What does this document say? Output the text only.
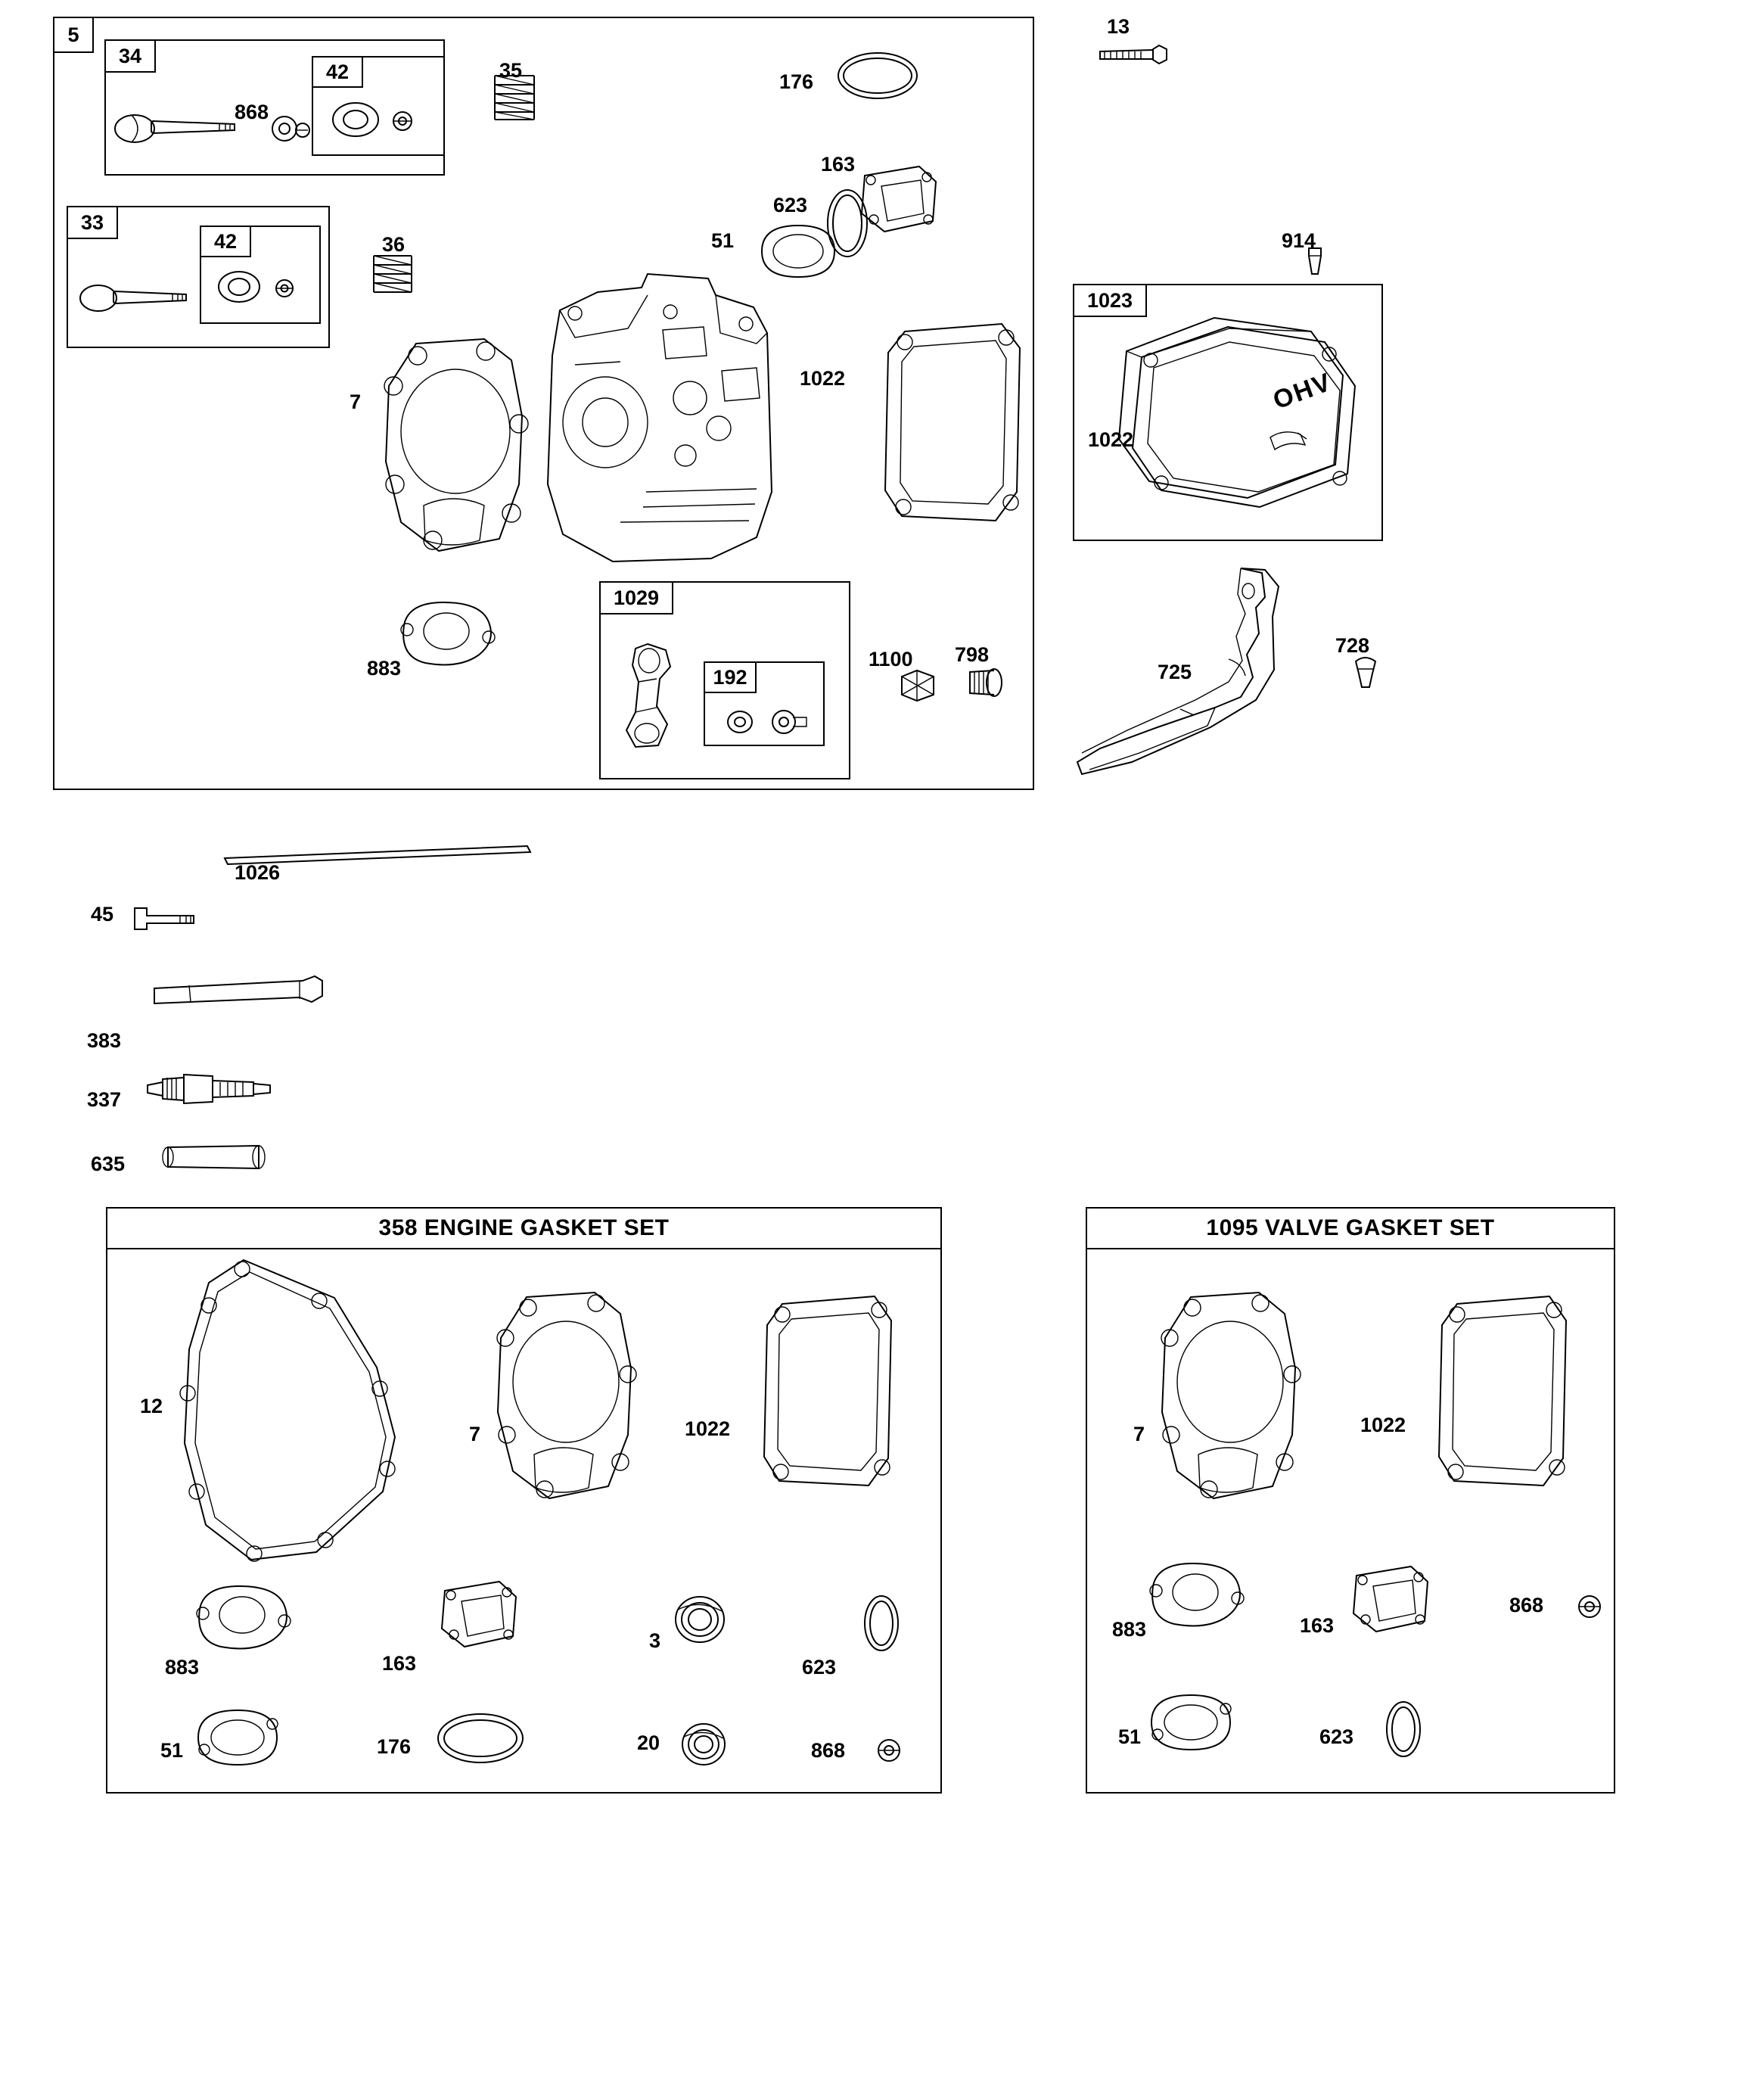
5
34
42
33
42
1029
192
1023
358 ENGINE GASKET SET	1095 VALVE GASKET SET
OHV
868
35	176
13
163
623
51
36
7
1022
883	1100 798
914
1022
725
728
1026
45
383
337
635
12
7	1022
883	163
3
623
51	176	20	868
7	1022
883	163
868
51	623
